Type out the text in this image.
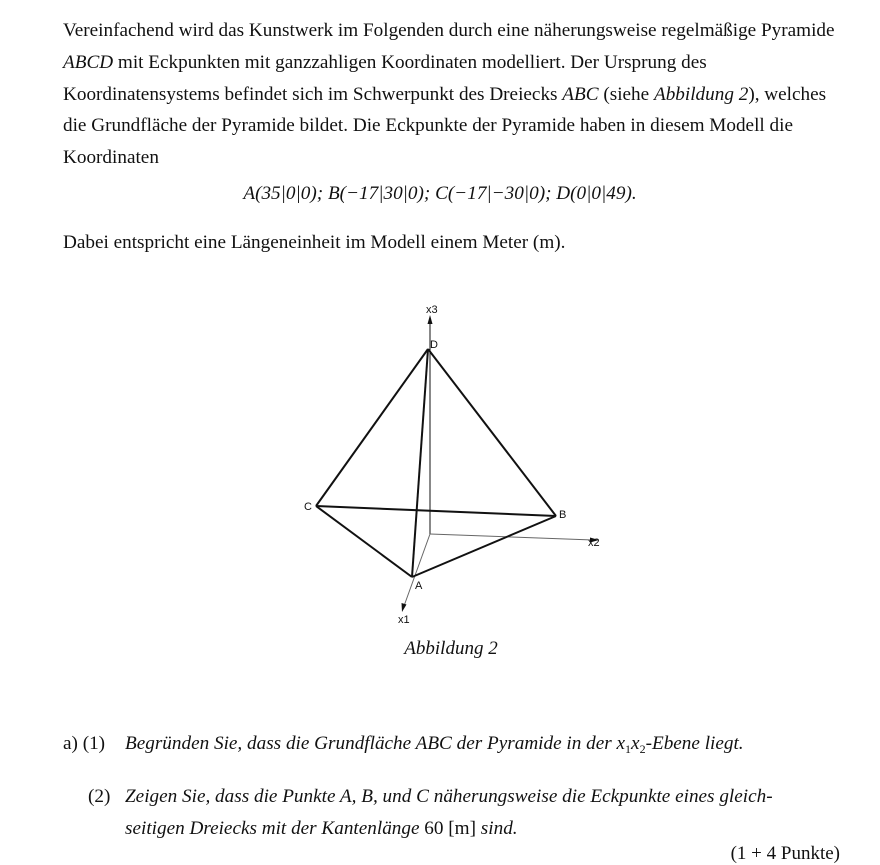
Vereinfachend wird das Kunstwerk im Folgenden durch eine näherungsweise regelmäßige Pyramide ABCD mit Eckpunkten mit ganzzahligen Koordinaten modelliert. Der Ursprung des Koordinatensystems befindet sich im Schwerpunkt des Dreiecks ABC (siehe Abbildung 2), welches die Grundfläche der Pyramide bildet. Die Eckpunkte der Pyramide haben in diesem Modell die Koordinaten

A(35|0|0); B(−17|30|0); C(−17|−30|0); D(0|0|49).

Dabei entspricht eine Längeneinheit im Modell einem Meter (m).

D
C
B
A
x3
x2
x1
Abbildung 2
a) (1) Begründen Sie, dass die Grundfläche ABC der Pyramide in der $x_1x_2$-Ebene liegt.
(2) Zeigen Sie, dass die Punkte A, B, und C näherungsweise die Eckpunkte eines gleich-
seitigen Dreiecks mit der Kantenlänge 60 [m] sind.
(1 + 4 Punkte)
